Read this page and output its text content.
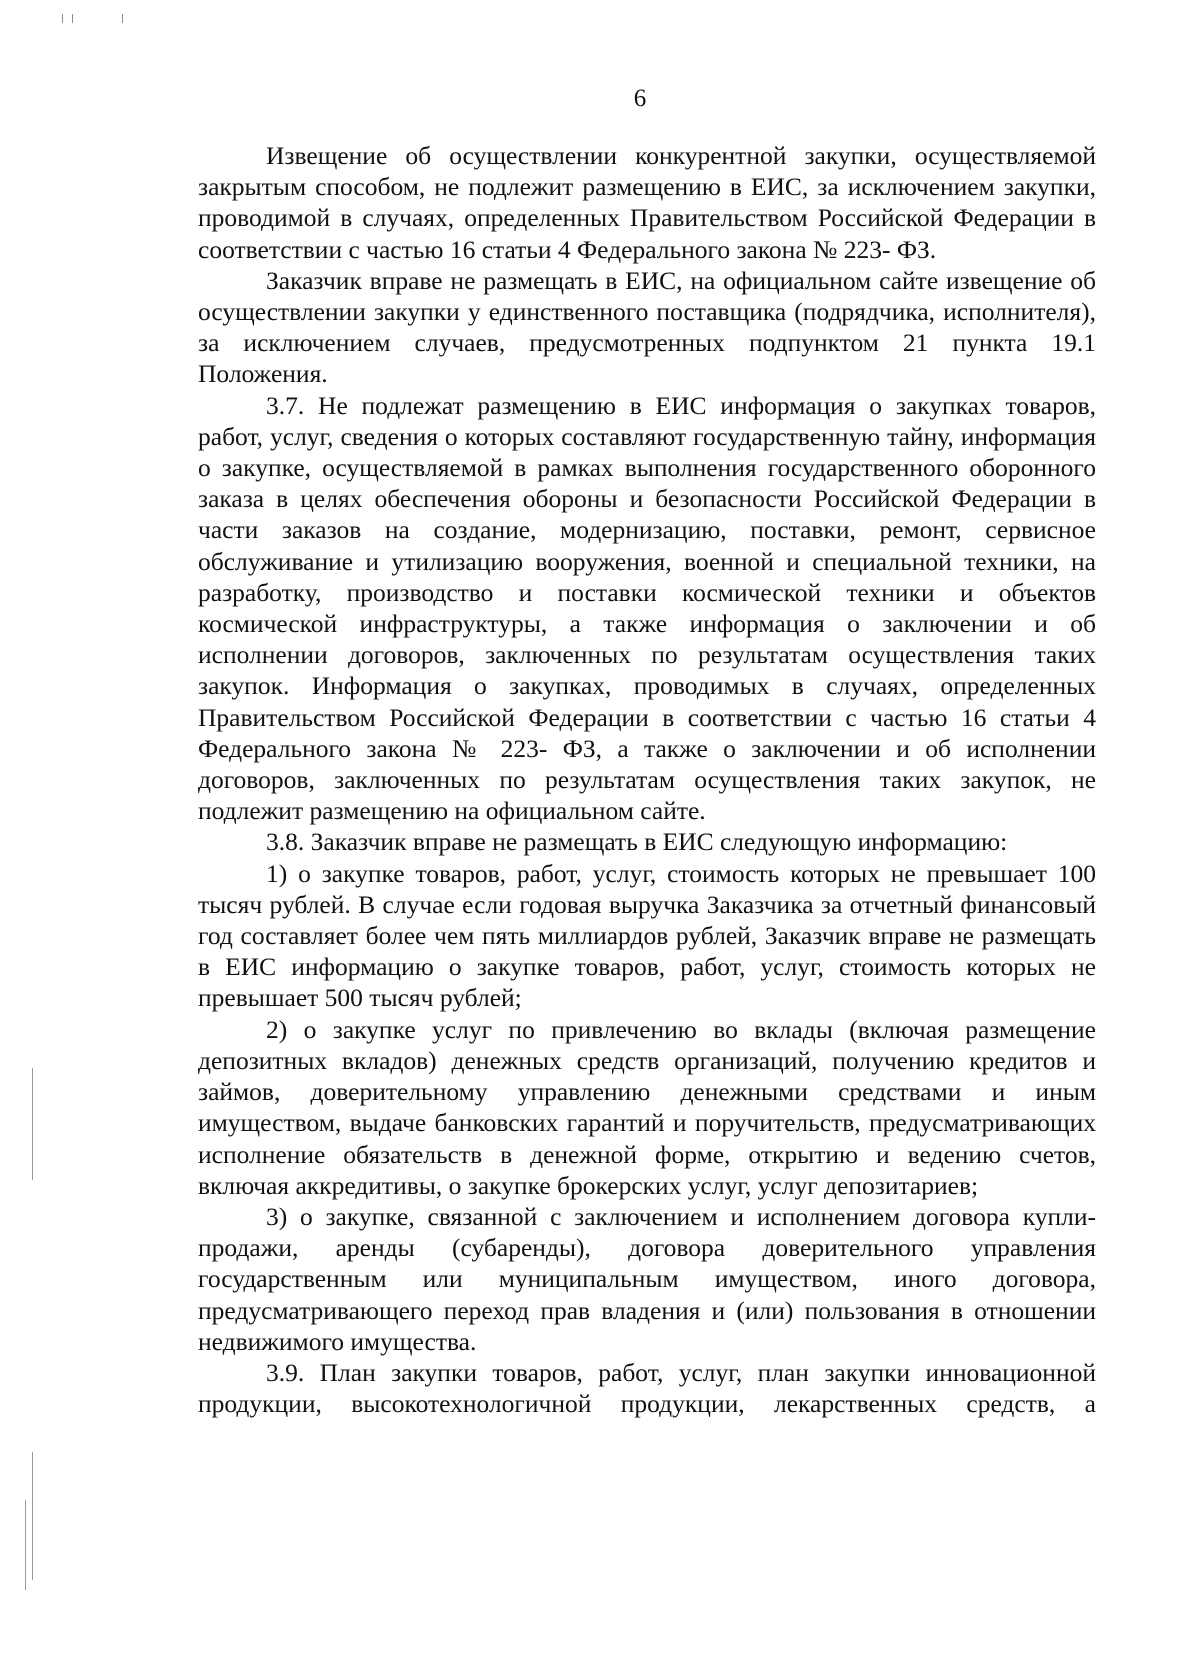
6

Извещение об осуществлении конкурентной закупки, осуществляемой закрытым способом, не подлежит размещению в ЕИС, за исключением закупки, проводимой в случаях, определенных Правительством Российской Федерации в соответствии с частью 16 статьи 4 Федерального закона № 223- ФЗ.

Заказчик вправе не размещать в ЕИС, на официальном сайте извещение об осуществлении закупки у единственного поставщика (подрядчика, исполнителя), за исключением случаев, предусмотренных подпунктом 21 пункта 19.1 Положения.

3.7. Не подлежат размещению в ЕИС информация о закупках товаров, работ, услуг, сведения о которых составляют государственную тайну, информация о закупке, осуществляемой в рамках выполнения государственного оборонного заказа в целях обеспечения обороны и безопасности Российской Федерации в части заказов на создание, модернизацию, поставки, ремонт, сервисное обслуживание и утилизацию вооружения, военной и специальной техники, на разработку, производство и поставки космической техники и объектов космической инфраструктуры, а также информация о заключении и об исполнении договоров, заключенных по результатам осуществления таких закупок. Информация о закупках, проводимых в случаях, определенных Правительством Российской Федерации в соответствии с частью 16 статьи 4 Федерального закона № 223- ФЗ, а также о заключении и об исполнении договоров, заключенных по результатам осуществления таких закупок, не подлежит размещению на официальном сайте.

3.8. Заказчик вправе не размещать в ЕИС следующую информацию:

1) о закупке товаров, работ, услуг, стоимость которых не превышает 100 тысяч рублей. В случае если годовая выручка Заказчика за отчетный финансовый год составляет более чем пять миллиардов рублей, Заказчик вправе не размещать в ЕИС информацию о закупке товаров, работ, услуг, стоимость которых не превышает 500 тысяч рублей;

2) о закупке услуг по привлечению во вклады (включая размещение депозитных вкладов) денежных средств организаций, получению кредитов и займов, доверительному управлению денежными средствами и иным имуществом, выдаче банковских гарантий и поручительств, предусматривающих исполнение обязательств в денежной форме, открытию и ведению счетов, включая аккредитивы, о закупке брокерских услуг, услуг депозитариев;

3) о закупке, связанной с заключением и исполнением договора купли-продажи, аренды (субаренды), договора доверительного управления государственным или муниципальным имуществом, иного договора, предусматривающего переход прав владения и (или) пользования в отношении недвижимого имущества.

3.9. План закупки товаров, работ, услуг, план закупки инновационной продукции, высокотехнологичной продукции, лекарственных средств, а
